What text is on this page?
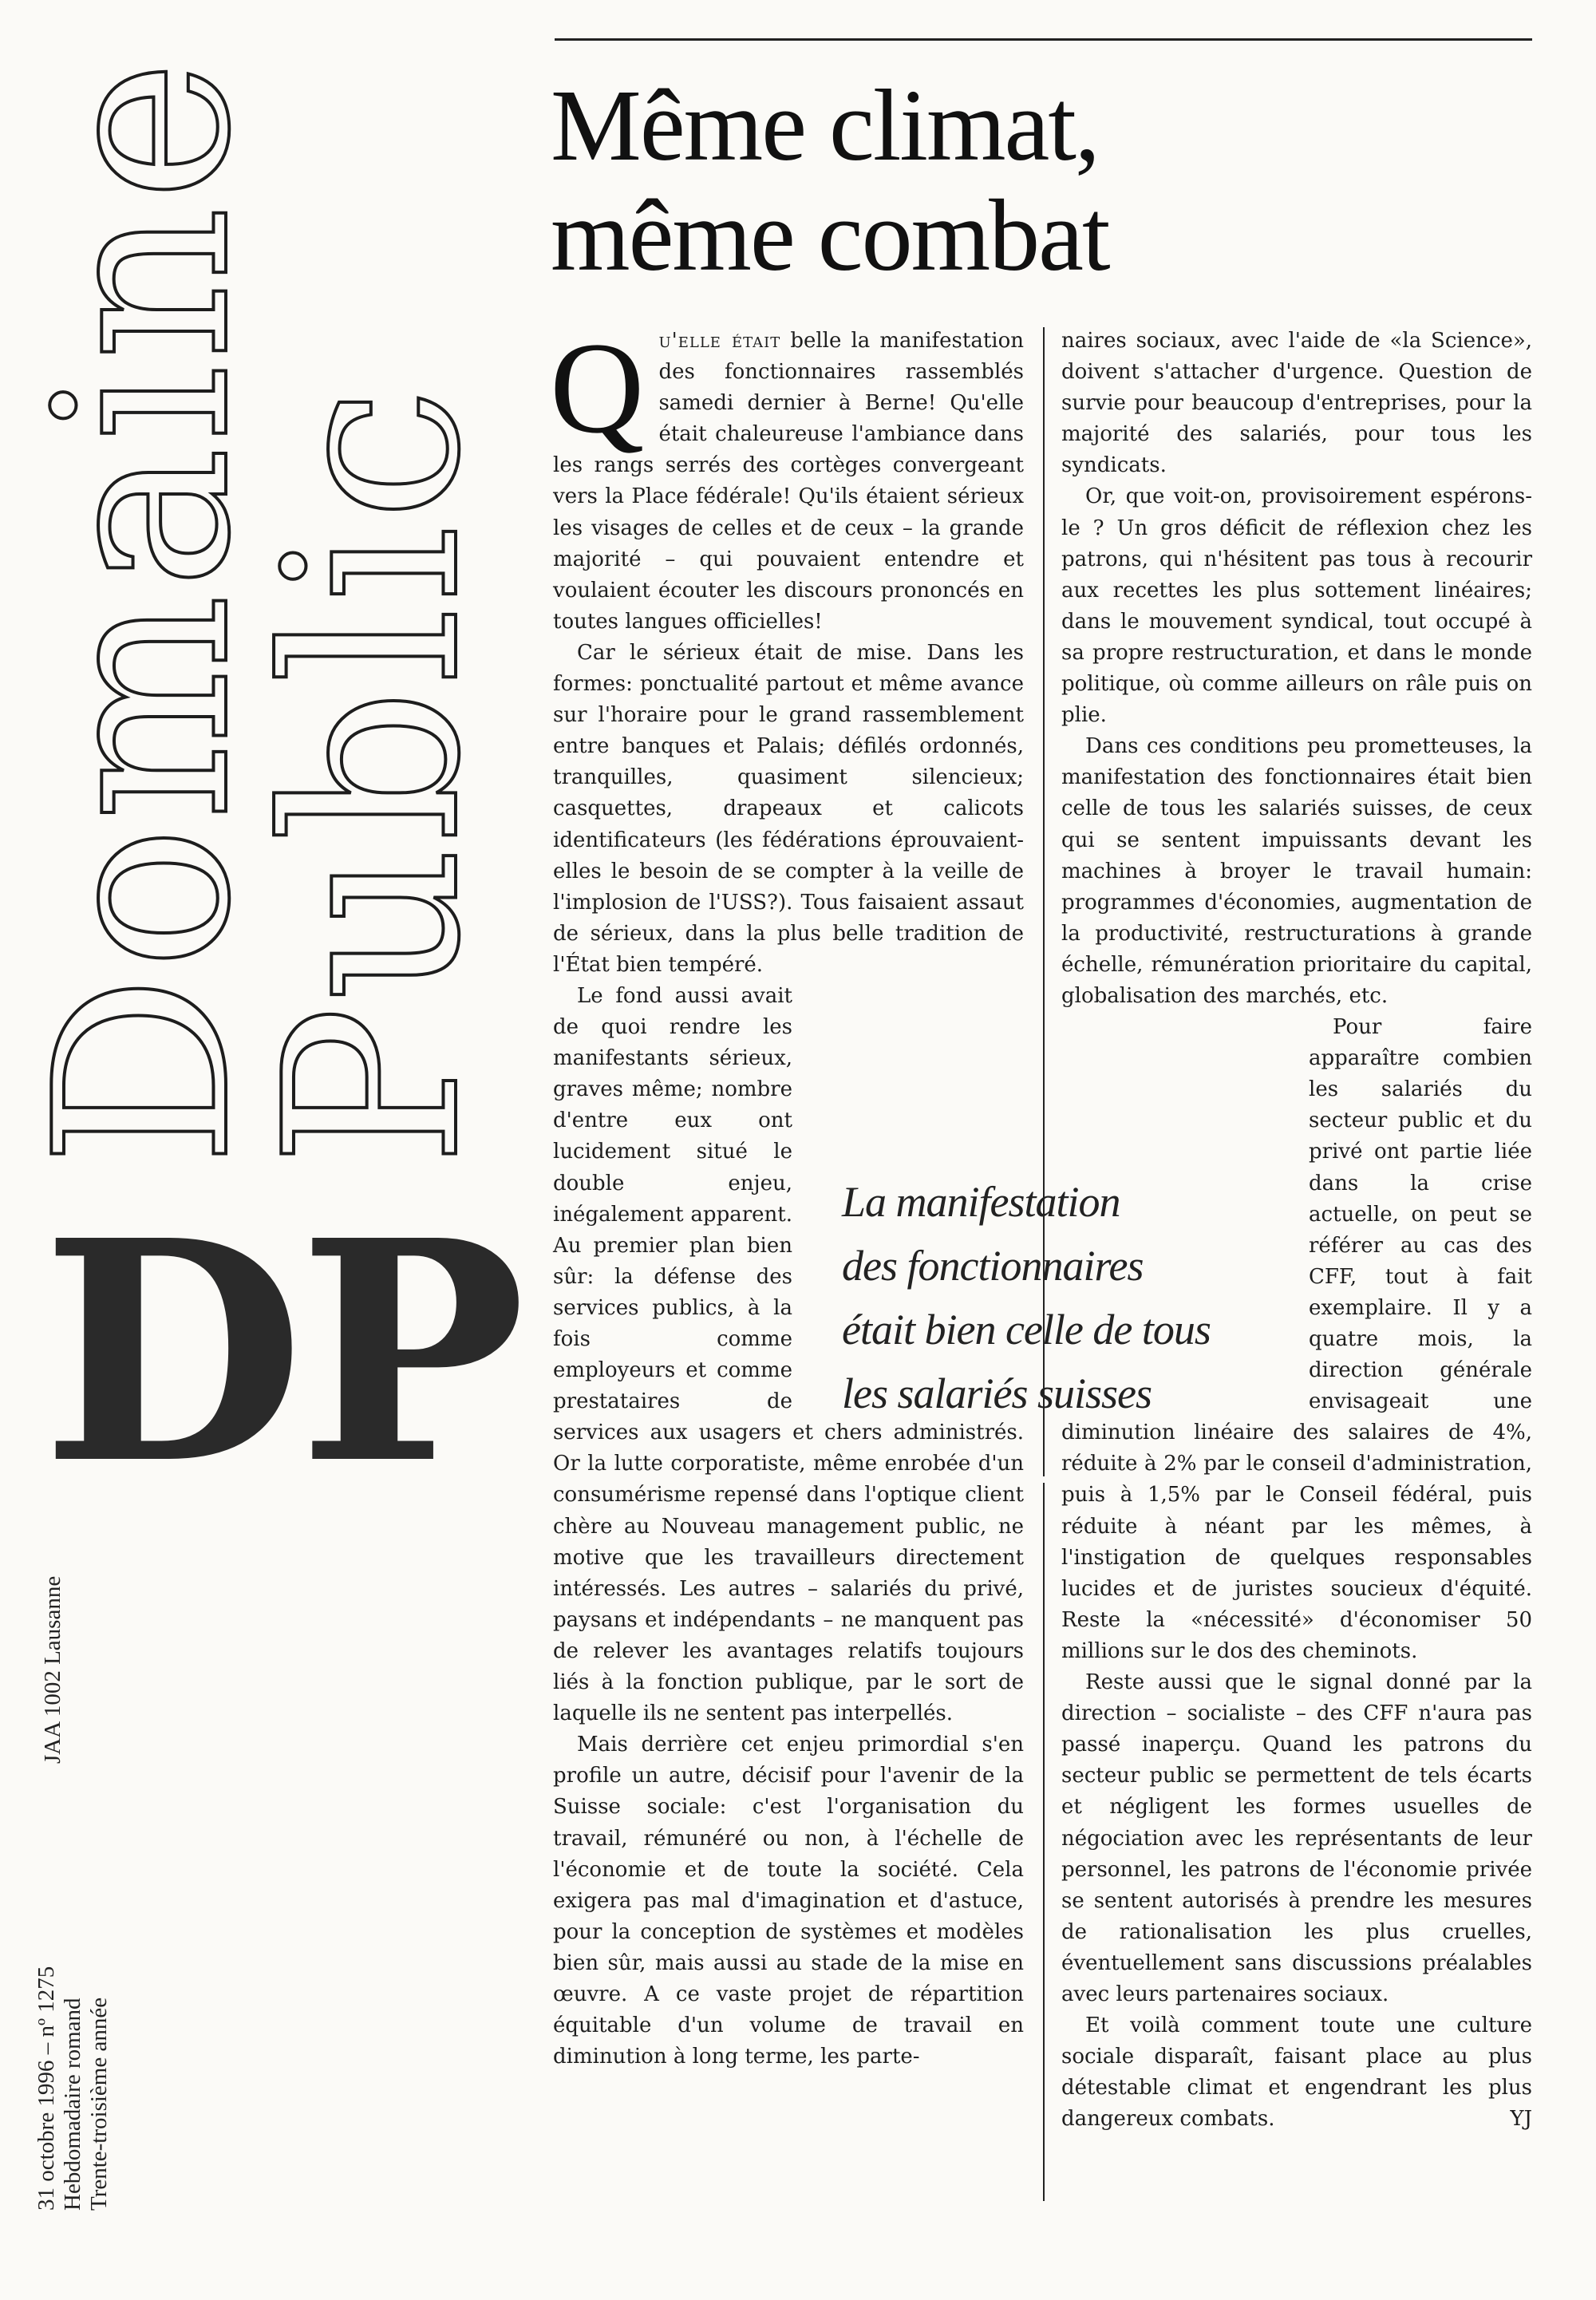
Domaine
Public
DP
31 octobre 1996 – nº 1275 Hebdomadaire romand Trente-troisième année
JAA 1002 Lausanne
Même climat,
même combat

Qu'elle était belle la manifestation des fonctionnaires rassemblés samedi dernier à Berne! Qu'elle était chaleureuse l'ambiance dans les rangs serrés des cortèges convergeant vers la Place fédérale! Qu'ils étaient sérieux les visages de celles et de ceux – la grande majorité – qui pouvaient entendre et voulaient écouter les discours prononcés en toutes langues officielles!

Car le sérieux était de mise. Dans les formes: ponctualité partout et même avance sur l'horaire pour le grand rassemblement entre banques et Palais; défilés ordonnés, tranquilles, quasiment silencieux; casquettes, drapeaux et calicots identificateurs (les fédérations éprouvaient-elles le besoin de se compter à la veille de l'implosion de l'USS?). Tous faisaient assaut de sérieux, dans la plus belle tradition de l'État bien tempéré.

Le fond aussi avait de quoi rendre les manifestants sérieux, graves même; nombre d'entre eux ont lucidement situé le double enjeu, inégalement apparent. Au premier plan bien sûr: la défense des services publics, à la fois comme employeurs et comme prestataires de services aux usagers et chers administrés. Or la lutte corporatiste, même enrobée d'un consumérisme repensé dans l'optique client chère au Nouveau management public, ne motive que les travailleurs directement intéressés. Les autres – salariés du privé, paysans et indépendants – ne manquent pas de relever les avantages relatifs toujours liés à la fonction publique, par le sort de laquelle ils ne sentent pas interpellés.

Mais derrière cet enjeu primordial s'en profile un autre, décisif pour l'avenir de la Suisse sociale: c'est l'organisation du travail, rémunéré ou non, à l'échelle de l'économie et de toute la société. Cela exigera pas mal d'imagination et d'astuce, pour la conception de systèmes et modèles bien sûr, mais aussi au stade de la mise en œuvre. A ce vaste projet de répartition équitable d'un volume de travail en diminution à long terme, les parte-

naires sociaux, avec l'aide de «la Science», doivent s'attacher d'urgence. Question de survie pour beaucoup d'entreprises, pour la majorité des salariés, pour tous les syndicats.

Or, que voit-on, provisoirement espérons-le ? Un gros déficit de réflexion chez les patrons, qui n'hésitent pas tous à recourir aux recettes les plus sottement linéaires; dans le mouvement syndical, tout occupé à sa propre restructuration, et dans le monde politique, où comme ailleurs on râle puis on plie.

Dans ces conditions peu prometteuses, la manifestation des fonctionnaires était bien celle de tous les salariés suisses, de ceux qui se sentent impuissants devant les machines à broyer le travail humain: programmes d'économies, augmentation de la productivité, restructurations à grande échelle, rémunération prioritaire du capital, globalisation des marchés, etc.

Pour faire apparaître combien les salariés du secteur public et du privé ont partie liée dans la crise actuelle, on peut se référer au cas des CFF, tout à fait exemplaire. Il y a quatre mois, la direction générale envisageait une diminution linéaire des salaires de 4%, réduite à 2% par le conseil d'administration, puis à 1,5% par le Conseil fédéral, puis réduite à néant par les mêmes, à l'instigation de quelques responsables lucides et de juristes soucieux d'équité. Reste la «nécessité» d'économiser 50 millions sur le dos des cheminots.

Reste aussi que le signal donné par la direction – socialiste – des CFF n'aura pas passé inaperçu. Quand les patrons du secteur public se permettent de tels écarts et négligent les formes usuelles de négociation avec les représentants de leur personnel, les patrons de l'économie privée se sentent autorisés à prendre les mesures de rationalisation les plus cruelles, éventuellement sans discussions préalables avec leurs partenaires sociaux.

Et voilà comment toute une culture sociale disparaît, faisant place au plus détestable climat et engendrant les plus dangereux combats.	YJ

La manifestation
des fonctionnaires
était bien celle de tous
les salariés suisses
